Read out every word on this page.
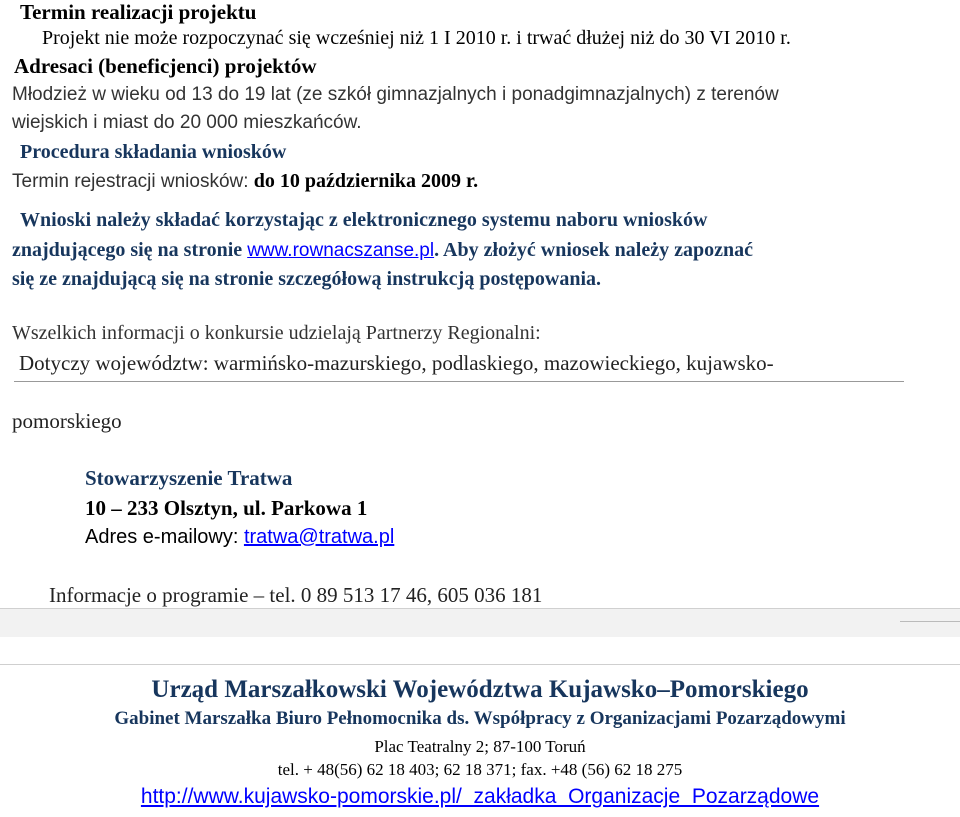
Termin realizacji projektu
Projekt nie może rozpoczynać się wcześniej niż 1 I 2010 r. i trwać dłużej niż do 30 VI 2010 r.
Adresaci (beneficjenci) projektów
Młodzież w wieku od 13 do 19 lat (ze szkół gimnazjalnych i ponadgimnazjalnych) z terenów
wiejskich i miast do 20 000 mieszkańców.
Procedura składania wniosków
Termin rejestracji wniosków: do 10 października 2009 r.
Wnioski należy składać korzystając z elektronicznego systemu naboru wniosków
znajdującego się na stronie www.rownacszanse.pl. Aby złożyć wniosek należy zapoznać
się ze znajdującą się na stronie szczegółową instrukcją postępowania.
Wszelkich informacji o konkursie udzielają Partnerzy Regionalni:
Dotyczy województw: warmińsko-mazurskiego, podlaskiego, mazowieckiego, kujawsko-
pomorskiego
Stowarzyszenie Tratwa
10 – 233 Olsztyn, ul. Parkowa 1
Adres e-mailowy: tratwa@tratwa.pl
Informacje o programie – tel. 0 89 513 17 46, 605 036 181
Urząd Marszałkowski Województwa Kujawsko–Pomorskiego
Gabinet Marszałka Biuro Pełnomocnika ds. Współpracy z Organizacjami Pozarządowymi
Plac Teatralny 2; 87-100 Toruń
tel. + 48(56) 62 18 403; 62 18 371; fax. +48 (56) 62 18 275
http://www.kujawsko-pomorskie.pl/_zakładka_Organizacje_Pozarządowe
